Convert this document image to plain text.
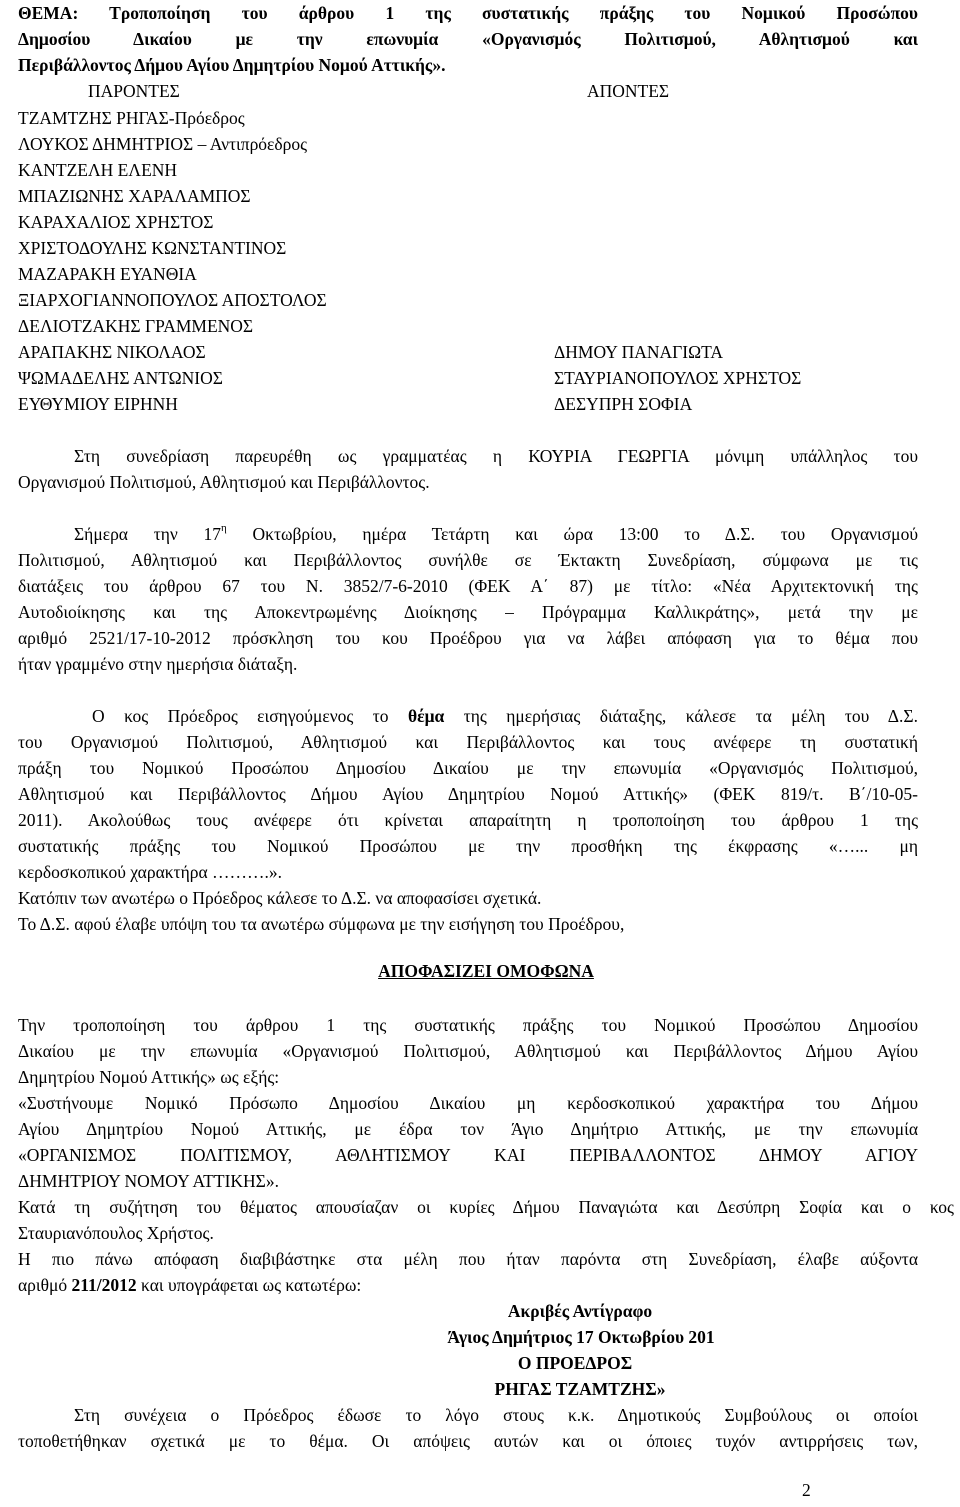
ΘΕΜΑ: Τροποποίηση του άρθρου 1 της συστατικής πράξης του Νομικού Προσώπου
Δημοσίου Δικαίου με την επωνυμία «Οργανισμός Πολιτισμού, Αθλητισμού και
Περιβάλλοντος Δήμου Αγίου Δημητρίου Νομού Αττικής».
ΠΑΡΟΝΤΕΣ	ΑΠΟΝΤΕΣ
ΤΖΑΜΤΖΗΣ ΡΗΓΑΣ-Πρόεδρος
ΛΟΥΚΟΣ ΔΗΜΗΤΡΙΟΣ – Αντιπρόεδρος
ΚΑΝΤΖΕΛΗ ΕΛΕΝΗ
ΜΠΑΖΙΩΝΗΣ ΧΑΡΑΛΑΜΠΟΣ
ΚΑΡΑΧΑΛΙΟΣ ΧΡΗΣΤΟΣ
ΧΡΙΣΤΟΔΟΥΛΗΣ ΚΩΝΣΤΑΝΤΙΝΟΣ
ΜΑΖΑΡΑΚΗ ΕΥΑΝΘΙΑ
ΞΙΑΡΧΟΓΙΑΝΝΟΠΟΥΛΟΣ ΑΠΟΣΤΟΛΟΣ
ΔΕΛΙΟΤΖΑΚΗΣ ΓΡΑΜΜΕΝΟΣ
ΑΡΑΠΑΚΗΣ ΝΙΚΟΛΑΟΣ
ΨΩΜΑΔΕΛΗΣ ΑΝΤΩΝΙΟΣ
ΕΥΘΥΜΙΟΥ ΕΙΡΗΝΗ
ΔΗΜΟΥ ΠΑΝΑΓΙΩΤΑ
ΣΤΑΥΡΙΑΝΟΠΟΥΛΟΣ ΧΡΗΣΤΟΣ
ΔΕΣΥΠΡΗ ΣΟΦΙΑ
Στη συνεδρίαση παρευρέθη ως γραμματέας η ΚΟΥΡΙΑ ΓΕΩΡΓΙΑ μόνιμη υπάλληλος του
Οργανισμού Πολιτισμού, Αθλητισμού και Περιβάλλοντος.
Σήμερα την $17^\eta$ Οκτωβρίου, ημέρα Τετάρτη και ώρα 13:00 το Δ.Σ. του Οργανισμού
Πολιτισμού, Αθλητισμού και Περιβάλλοντος συνήλθε σε Έκτακτη Συνεδρίαση, σύμφωνα με τις
διατάξεις του άρθρου 67 του Ν. 3852/7-6-2010 (ΦΕΚ Α΄ 87) με τίτλο: «Νέα Αρχιτεκτονική της
Αυτοδιοίκησης και της Αποκεντρωμένης Διοίκησης – Πρόγραμμα Καλλικράτης», μετά την με
αριθμό 2521/17-10-2012 πρόσκληση του κου Προέδρου για να λάβει απόφαση για το θέμα που
ήταν γραμμένο στην ημερήσια διάταξη.
Ο κος Πρόεδρος εισηγούμενος το θέμα της ημερήσιας διάταξης, κάλεσε τα μέλη του Δ.Σ.
του Οργανισμού Πολιτισμού, Αθλητισμού και Περιβάλλοντος και τους ανέφερε τη συστατική
πράξη του Νομικού Προσώπου Δημοσίου Δικαίου με την επωνυμία «Οργανισμός Πολιτισμού,
Αθλητισμού και Περιβάλλοντος Δήμου Αγίου Δημητρίου Νομού Αττικής» (ΦΕΚ 819/τ. Β΄/10-05-
2011). Ακολούθως τους ανέφερε ότι κρίνεται απαραίτητη η τροποποίηση του άρθρου 1 της
συστατικής πράξης του Νομικού Προσώπου με την προσθήκη της έκφρασης «…... μη
κερδοσκοπικού χαρακτήρα ……….».
Κατόπιν των ανωτέρω ο Πρόεδρος κάλεσε το Δ.Σ. να αποφασίσει σχετικά.
Το Δ.Σ. αφού έλαβε υπόψη του τα ανωτέρω σύμφωνα με την εισήγηση του Προέδρου,
ΑΠΟΦΑΣΙΖΕΙ ΟΜΟΦΩΝΑ
Την τροποποίηση του άρθρου 1 της συστατικής πράξης του Νομικού Προσώπου Δημοσίου
Δικαίου με την επωνυμία «Οργανισμού Πολιτισμού, Αθλητισμού και Περιβάλλοντος Δήμου Αγίου
Δημητρίου Νομού Αττικής» ως εξής:
«Συστήνουμε Νομικό Πρόσωπο Δημοσίου Δικαίου μη κερδοσκοπικού χαρακτήρα του Δήμου
Αγίου Δημητρίου Νομού Αττικής, με έδρα τον Άγιο Δημήτριο Αττικής, με την επωνυμία
«ΟΡΓΑΝΙΣΜΟΣ ΠΟΛΙΤΙΣΜΟΥ, ΑΘΛΗΤΙΣΜΟΥ ΚΑΙ ΠΕΡΙΒΑΛΛΟΝΤΟΣ ΔΗΜΟΥ ΑΓΙΟΥ
ΔΗΜΗΤΡΙΟΥ ΝΟΜΟΥ ΑΤΤΙΚΗΣ».
Κατά τη συζήτηση του θέματος απουσίαζαν οι κυρίες Δήμου Παναγιώτα και Δεσύπρη Σοφία και ο κος
Σταυριανόπουλος Χρήστος.
Η πιο πάνω απόφαση διαβιβάστηκε στα μέλη που ήταν παρόντα στη Συνεδρίαση, έλαβε αύξοντα
αριθμό 211/2012 και υπογράφεται ως κατωτέρω:
Ακριβές Αντίγραφο
Άγιος Δημήτριος 17 Οκτωβρίου 201
Ο ΠΡΟΕΔΡΟΣ
ΡΗΓΑΣ ΤΖΑΜΤΖΗΣ»
Στη συνέχεια ο Πρόεδρος έδωσε το λόγο στους κ.κ. Δημοτικούς Συμβούλους οι οποίοι
τοποθετήθηκαν σχετικά με το θέμα. Οι απόψεις αυτών και οι όποιες τυχόν αντιρρήσεις των,
2
